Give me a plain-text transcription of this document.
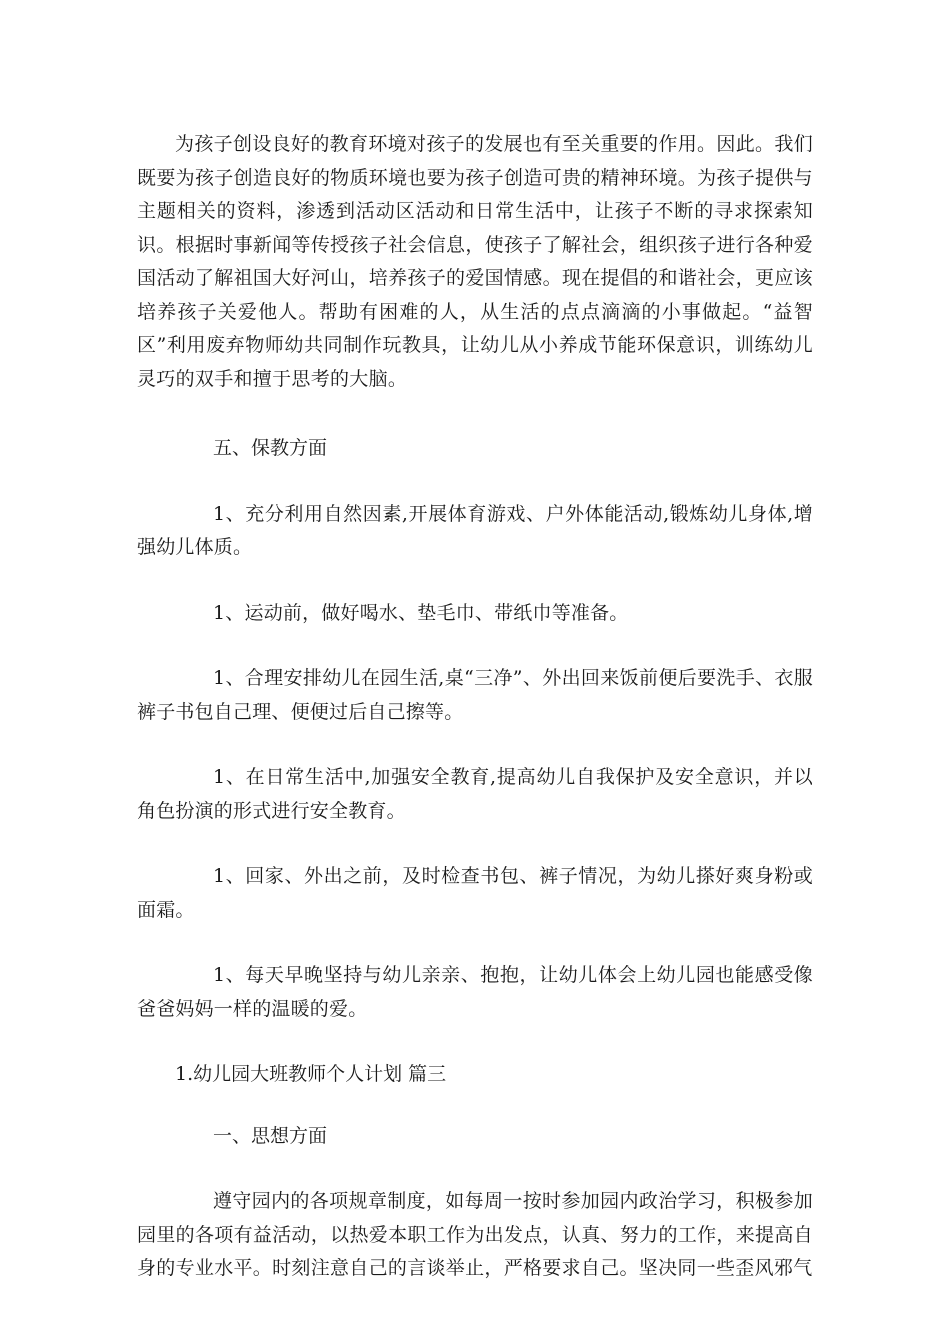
为孩子创设良好的教育环境对孩子的发展也有至关重要的作用。因此。我们既要为孩子创造良好的物质环境也要为孩子创造可贵的精神环境。为孩子提供与主题相关的资料，渗透到活动区活动和日常生活中，让孩子不断的寻求探索知识。根据时事新闻等传授孩子社会信息，使孩子了解社会，组织孩子进行各种爱国活动了解祖国大好河山，培养孩子的爱国情感。现在提倡的和谐社会，更应该培养孩子关爱他人。帮助有困难的人，从生活的点点滴滴的小事做起。“益智区”利用废弃物师幼共同制作玩教具，让幼儿从小养成节能环保意识，训练幼儿灵巧的双手和擅于思考的大脑。

五、保教方面

1、充分利用自然因素,开展体育游戏、户外体能活动,锻炼幼儿身体,增强幼儿体质。

1、运动前，做好喝水、垫毛巾、带纸巾等准备。

1、合理安排幼儿在园生活,桌“三净”、外出回来饭前便后要洗手、衣服裤子书包自己理、便便过后自己擦等。

1、在日常生活中,加强安全教育,提高幼儿自我保护及安全意识，并以角色扮演的形式进行安全教育。

1、回家、外出之前，及时检查书包、裤子情况，为幼儿搽好爽身粉或面霜。

1、每天早晚坚持与幼儿亲亲、抱抱，让幼儿体会上幼儿园也能感受像爸爸妈妈一样的温暖的爱。

1.幼儿园大班教师个人计划 篇三

一、思想方面

遵守园内的各项规章制度，如每周一按时参加园内政治学习，积极参加园里的各项有益活动，以热爱本职工作为出发点，认真、努力的工作，来提高自身的专业水平。时刻注意自己的言谈举止，严格要求自己。坚决同一些歪风邪气
